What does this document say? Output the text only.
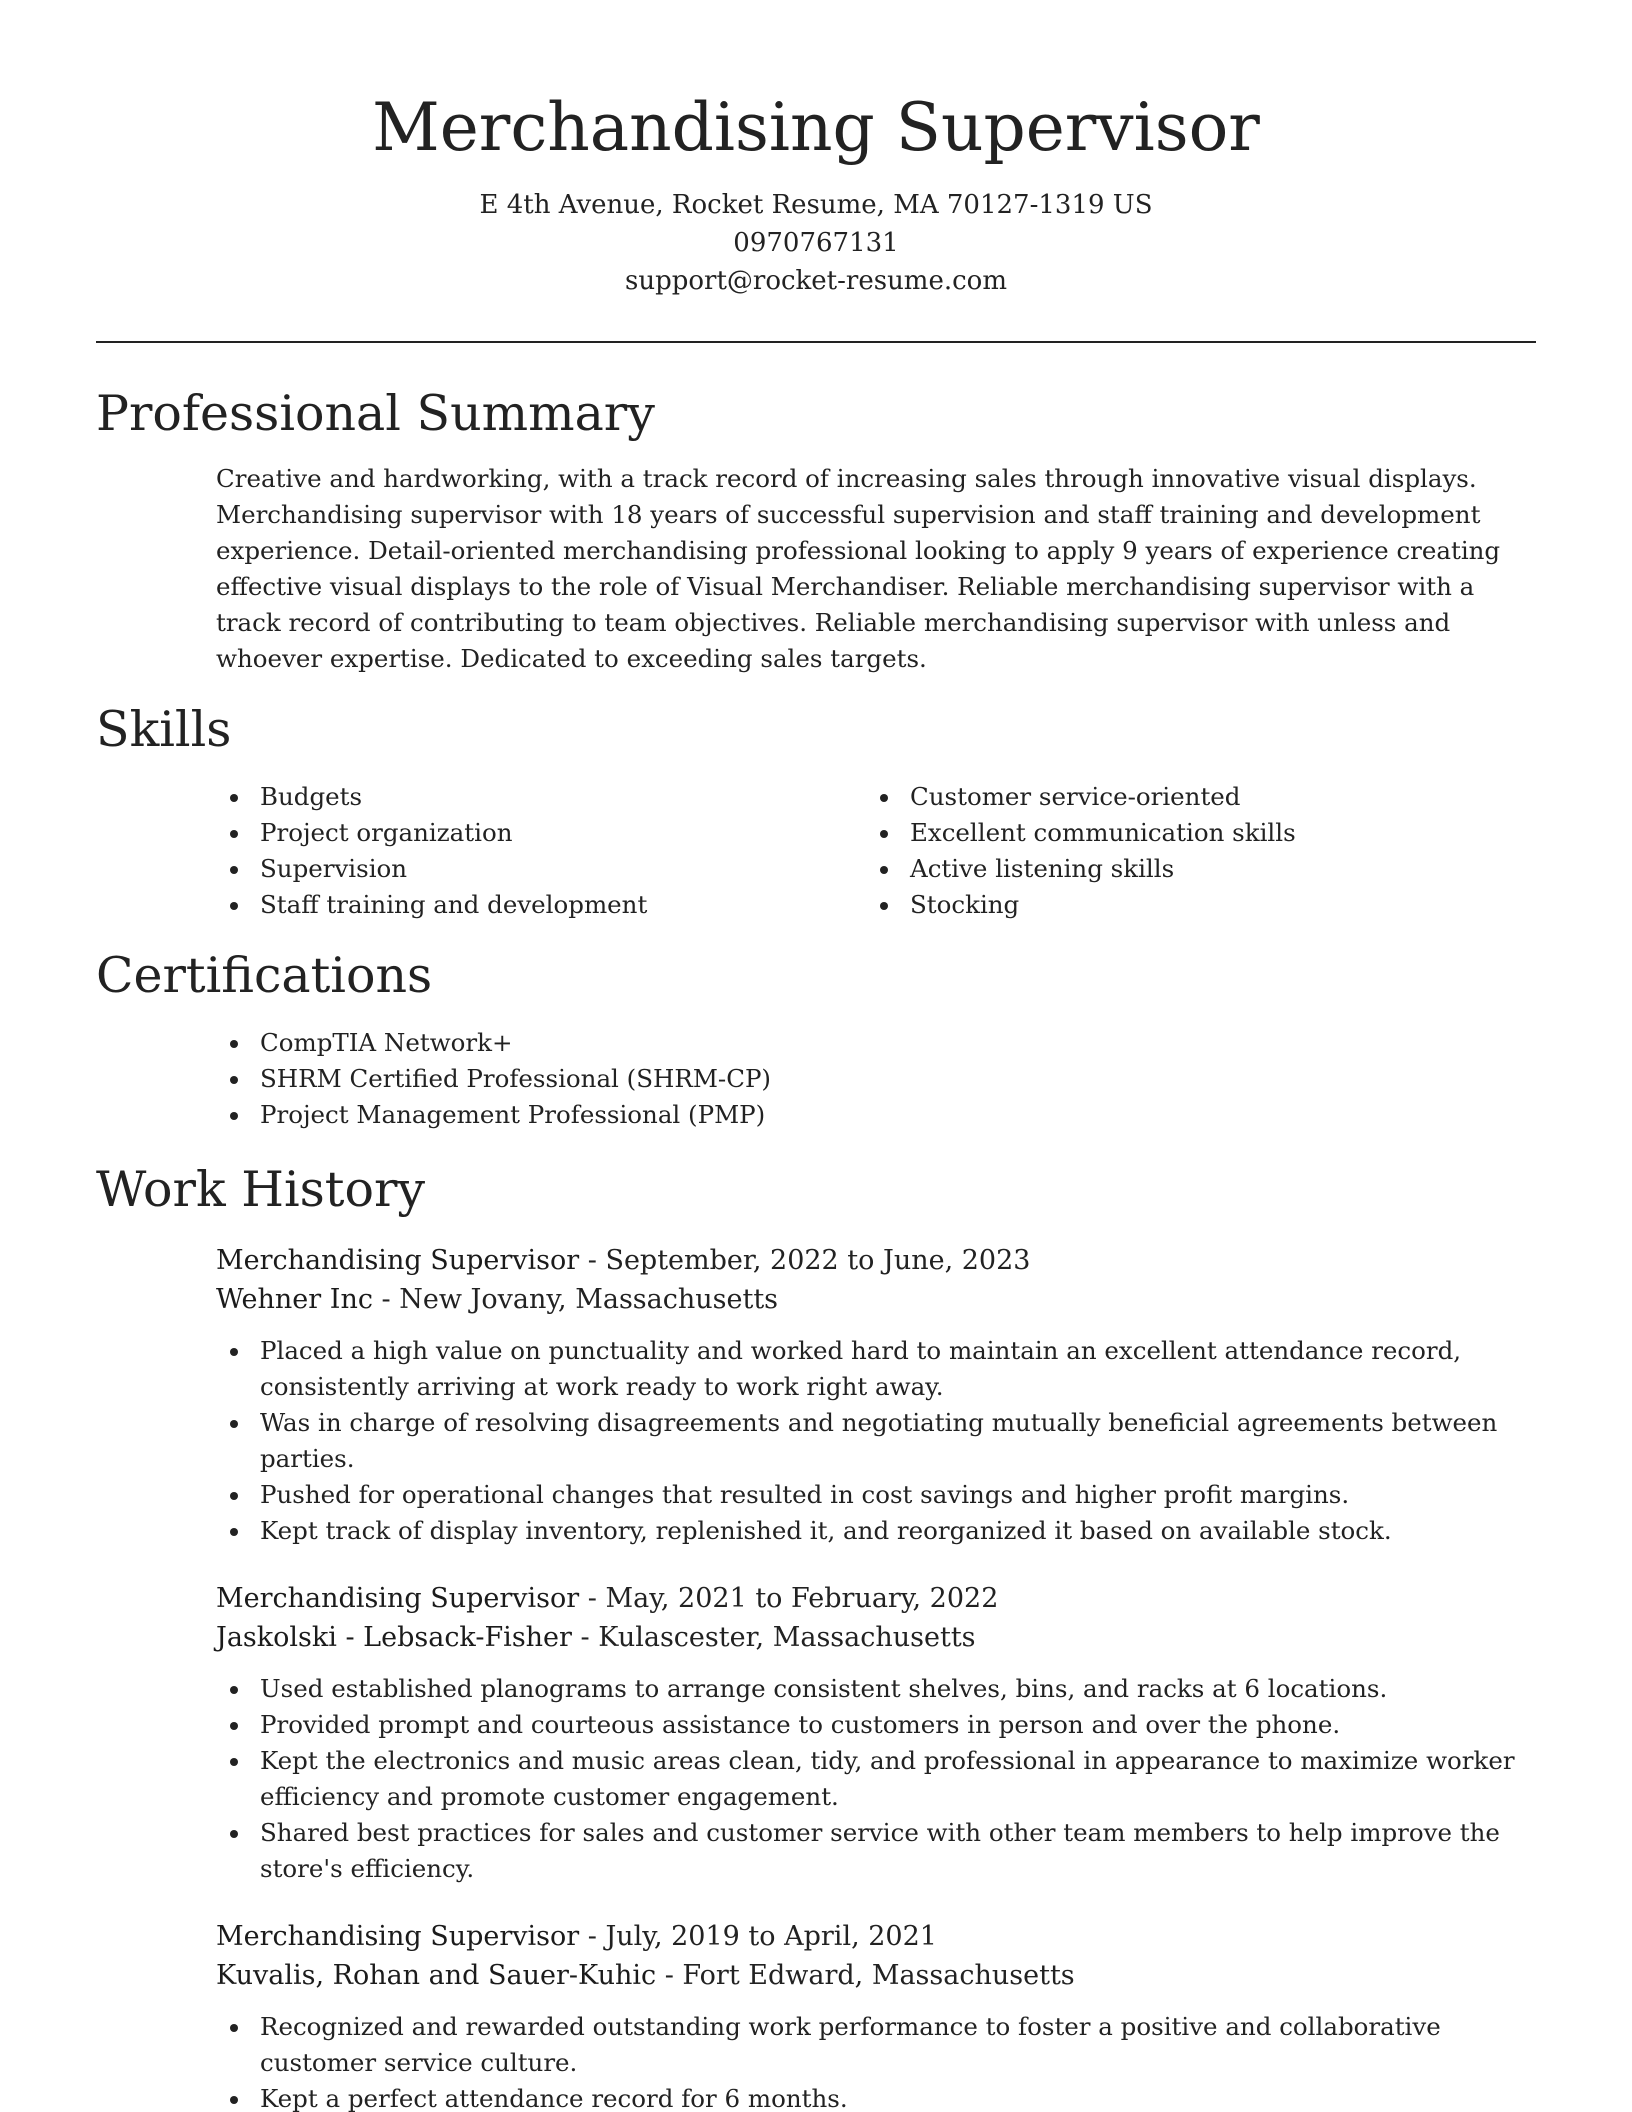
Merchandising Supervisor

E 4th Avenue, Rocket Resume, MA 70127-1319 US

0970767131

support@rocket-resume.com

Professional Summary

Creative and hardworking, with a track record of increasing sales through innovative visual displays. Merchandising supervisor with 18 years of successful supervision and staff training and development experience. Detail-oriented merchandising professional looking to apply 9 years of experience creating effective visual displays to the role of Visual Merchandiser. Reliable merchandising supervisor with a track record of contributing to team objectives. Reliable merchandising supervisor with unless and whoever expertise. Dedicated to exceeding sales targets.

Skills
Budgets
Project organization
Supervision
Staff training and development
Customer service-oriented
Excellent communication skills
Active listening skills
Stocking
Certifications
CompTIA Network+
SHRM Certified Professional (SHRM-CP)
Project Management Professional (PMP)
Work History

Merchandising Supervisor - September, 2022 to June, 2023

Wehner Inc - New Jovany, Massachusetts

Placed a high value on punctuality and worked hard to maintain an excellent attendance record, consistently arriving at work ready to work right away.
Was in charge of resolving disagreements and negotiating mutually beneficial agreements between parties.
Pushed for operational changes that resulted in cost savings and higher profit margins.
Kept track of display inventory, replenished it, and reorganized it based on available stock.

Merchandising Supervisor - May, 2021 to February, 2022

Jaskolski - Lebsack-Fisher - Kulascester, Massachusetts

Used established planograms to arrange consistent shelves, bins, and racks at 6 locations.
Provided prompt and courteous assistance to customers in person and over the phone.
Kept the electronics and music areas clean, tidy, and professional in appearance to maximize worker efficiency and promote customer engagement.
Shared best practices for sales and customer service with other team members to help improve the store's efficiency.

Merchandising Supervisor - July, 2019 to April, 2021

Kuvalis, Rohan and Sauer-Kuhic - Fort Edward, Massachusetts

Recognized and rewarded outstanding work performance to foster a positive and collaborative customer service culture.
Kept a perfect attendance record for 6 months.
